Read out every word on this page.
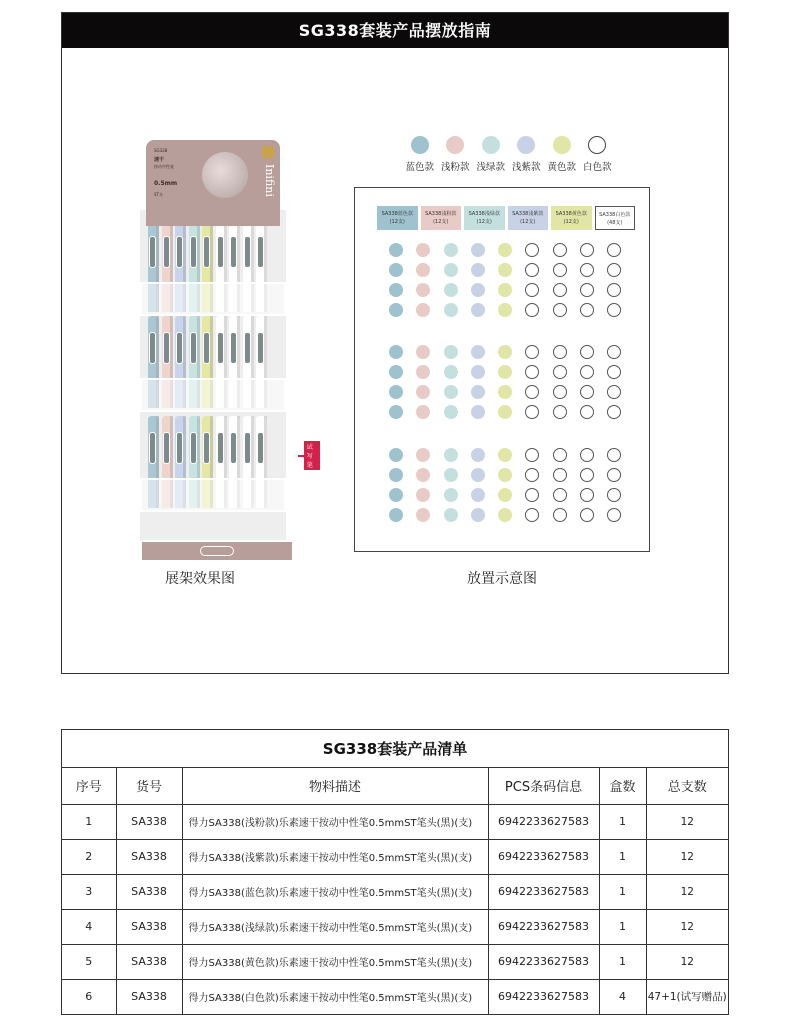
SG338套装产品摆放指南
SG338
速干
按动中性笔
0.5mm
ST头	Inifini
试写笔
展架效果图	放置示意图
蓝色款 浅粉款 浅绿款 浅紫款 黄色款 白色款
SA338蓝色款
(12支)
SA338浅粉款
(12支)
SA338浅绿款
(12支)
SA338浅紫款
(12支)
SA338黄色款
(12支)
SA338白色款
(48支)
SG338套装产品清单
序号	货号	物料描述	PCS条码信息	盒数	总支数
1	SA338	得力SA338(浅粉款)乐素速干按动中性笔0.5mmST笔头(黑)(支)	6942233627583	1	12
2	SA338	得力SA338(浅紫款)乐素速干按动中性笔0.5mmST笔头(黑)(支)	6942233627583	1	12
3	SA338	得力SA338(蓝色款)乐素速干按动中性笔0.5mmST笔头(黑)(支)	6942233627583	1	12
4	SA338	得力SA338(浅绿款)乐素速干按动中性笔0.5mmST笔头(黑)(支)	6942233627583	1	12
5	SA338	得力SA338(黄色款)乐素速干按动中性笔0.5mmST笔头(黑)(支)	6942233627583	1	12
6	SA338	得力SA338(白色款)乐素速干按动中性笔0.5mmST笔头(黑)(支)	6942233627583	4	47+1(试写赠品)
